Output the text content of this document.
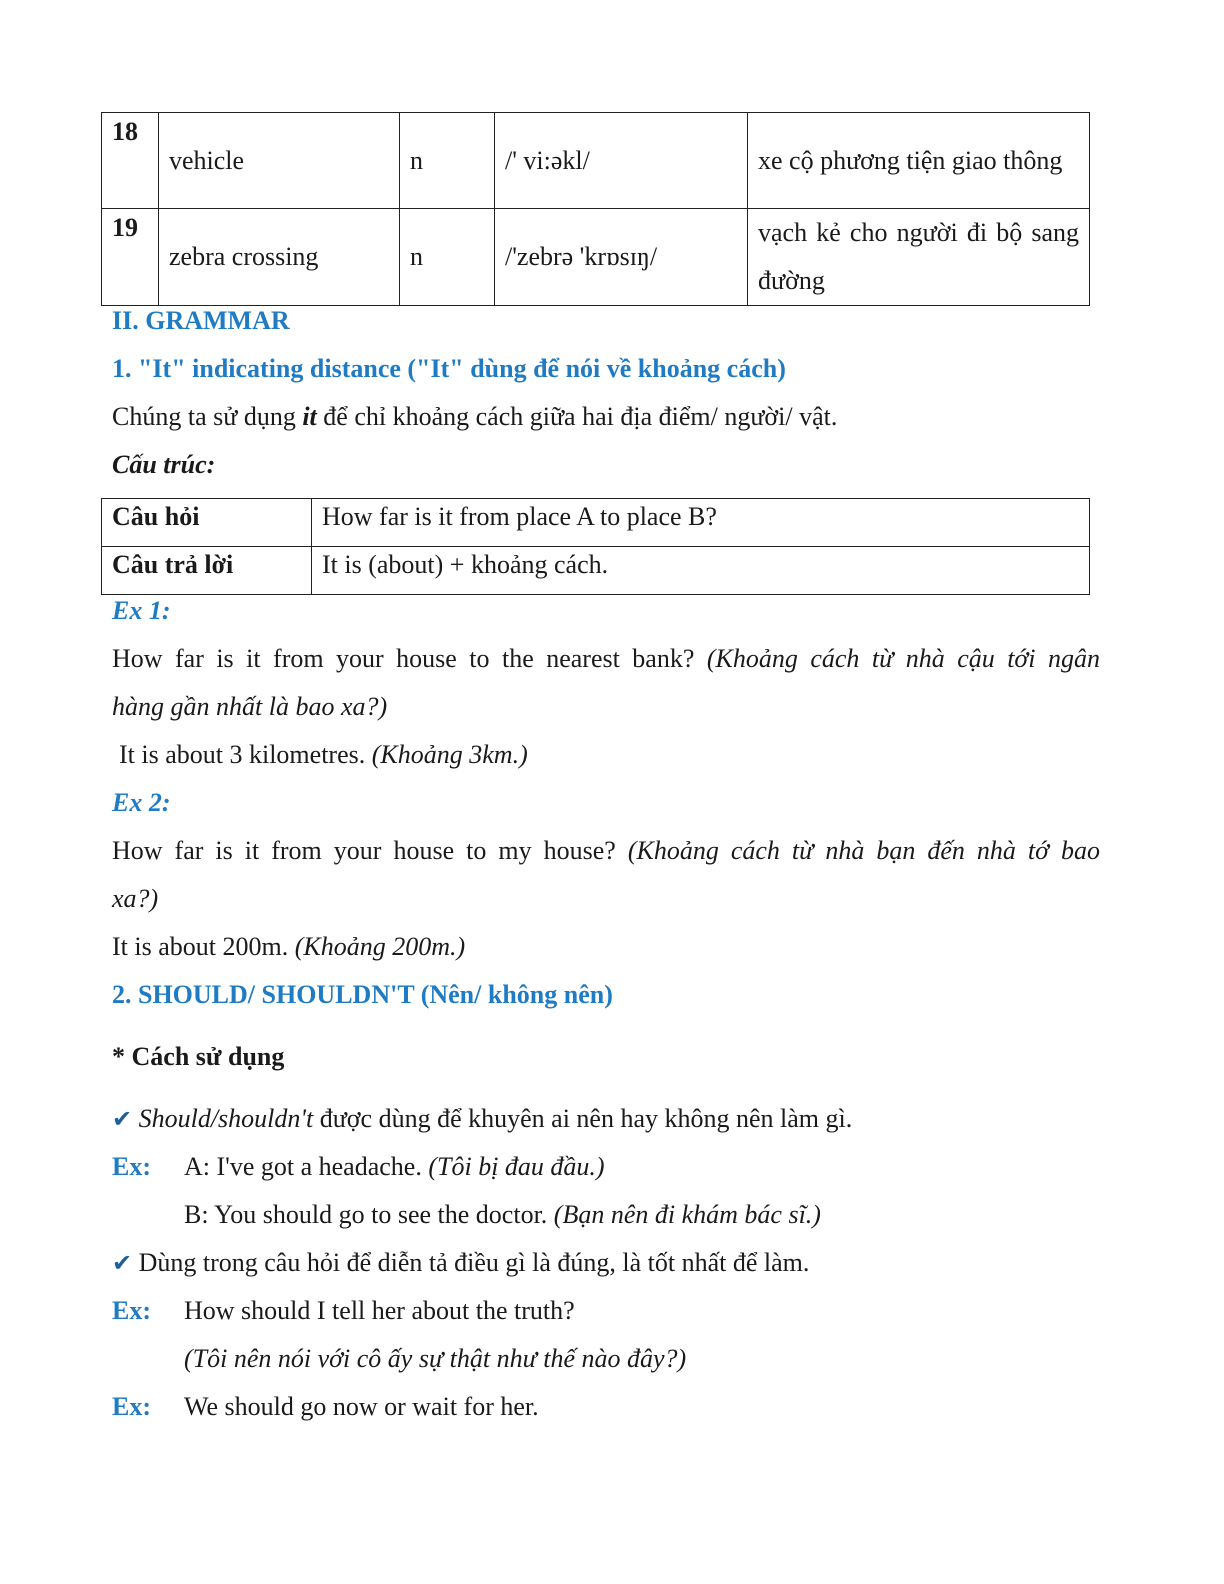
18	vehicle	n	/' vi:əkl/	xe cộ phương tiện giao thông
19	zebra crossing	n	/'zebrə 'krɒsɪŋ/	vạch kẻ cho người đi bộ sang đường
II. GRAMMAR
1. "It" indicating distance ("It" dùng để nói về khoảng cách)
Chúng ta sử dụng it để chỉ khoảng cách giữa hai địa điểm/ người/ vật.
Cấu trúc:
Câu hỏi	How far is it from place A to place B?
Câu trả lời	It is (about) + khoảng cách.
Ex 1:
How far is it from your house to the nearest bank? (Khoảng cách từ nhà cậu tới ngân
hàng gần nhất là bao xa?)
It is about 3 kilometres. (Khoảng 3km.)
Ex 2:
How far is it from your house to my house? (Khoảng cách từ nhà bạn đến nhà tớ bao
xa?)
It is about 200m. (Khoảng 200m.)
2. SHOULD/ SHOULDN'T (Nên/ không nên)
* Cách sử dụng
✔ Should/shouldn't được dùng để khuyên ai nên hay không nên làm gì.
Ex: A: I've got a headache. (Tôi bị đau đầu.)
B: You should go to see the doctor. (Bạn nên đi khám bác sĩ.)
✔ Dùng trong câu hỏi để diễn tả điều gì là đúng, là tốt nhất để làm.
Ex: How should I tell her about the truth?
(Tôi nên nói với cô ấy sự thật như thế nào đây?)
Ex: We should go now or wait for her.
